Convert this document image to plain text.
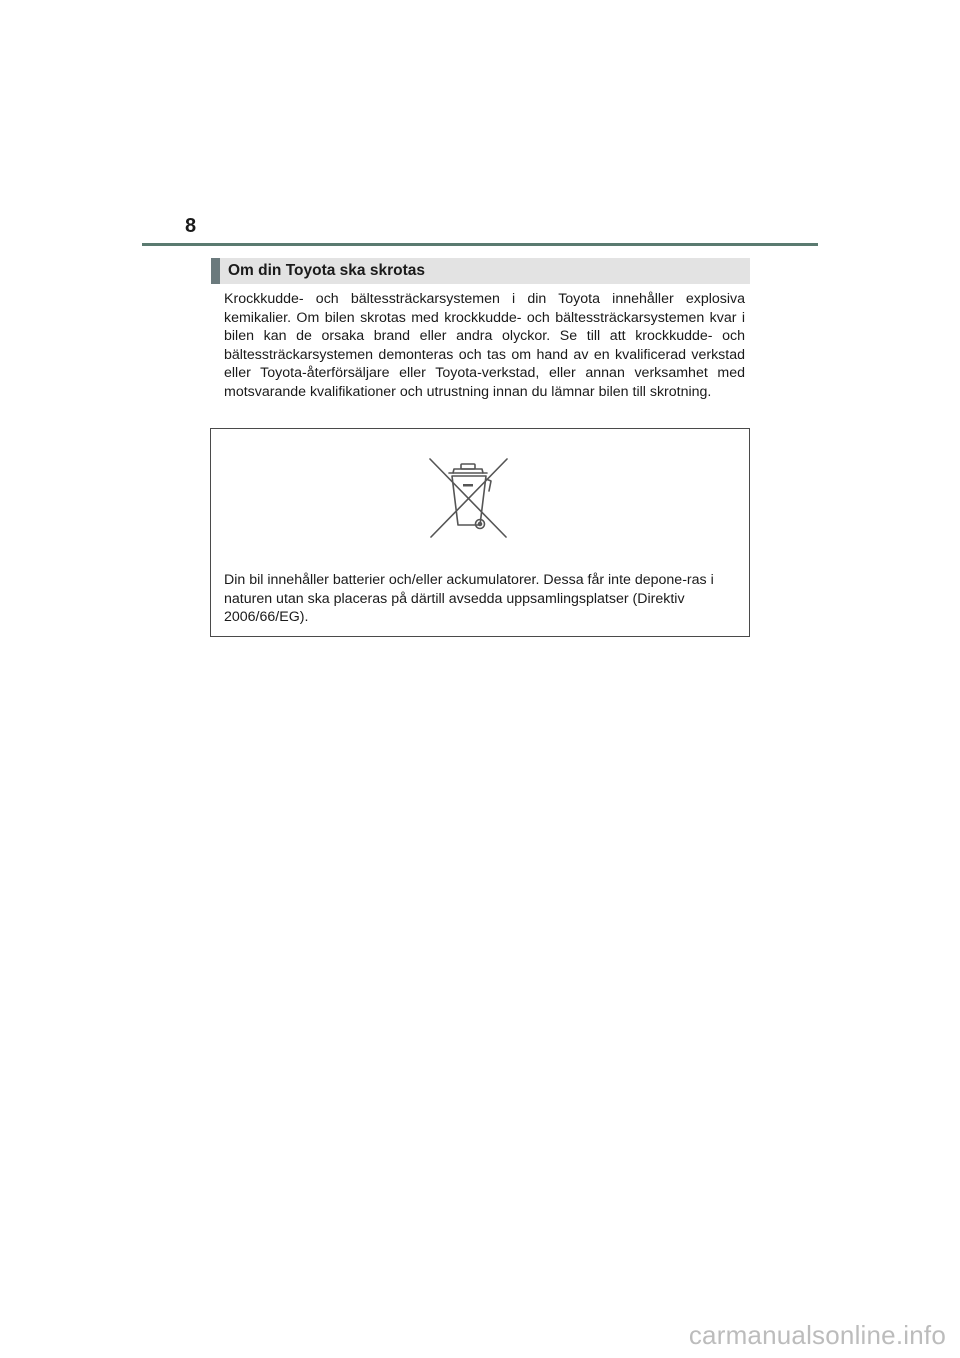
8
Om din Toyota ska skrotas

Krockkudde- och bältessträckarsystemen i din Toyota innehåller explosiva kemikalier. Om bilen skrotas med krockkudde- och bältessträckarsystemen kvar i bilen kan de orsaka brand eller andra olyckor. Se till att krockkudde- och bältessträckarsystemen demonteras och tas om hand av en kvalificerad verkstad eller Toyota-återförsäljare eller Toyota-verkstad, eller annan verksamhet med motsvarande kvalifikationer och utrustning innan du lämnar bilen till skrotning.

Din bil innehåller batterier och/eller ackumulatorer. Dessa får inte depone-ras i naturen utan ska placeras på därtill avsedda uppsamlingsplatser (Direktiv 2006/66/EG).

carmanualsonline.info
